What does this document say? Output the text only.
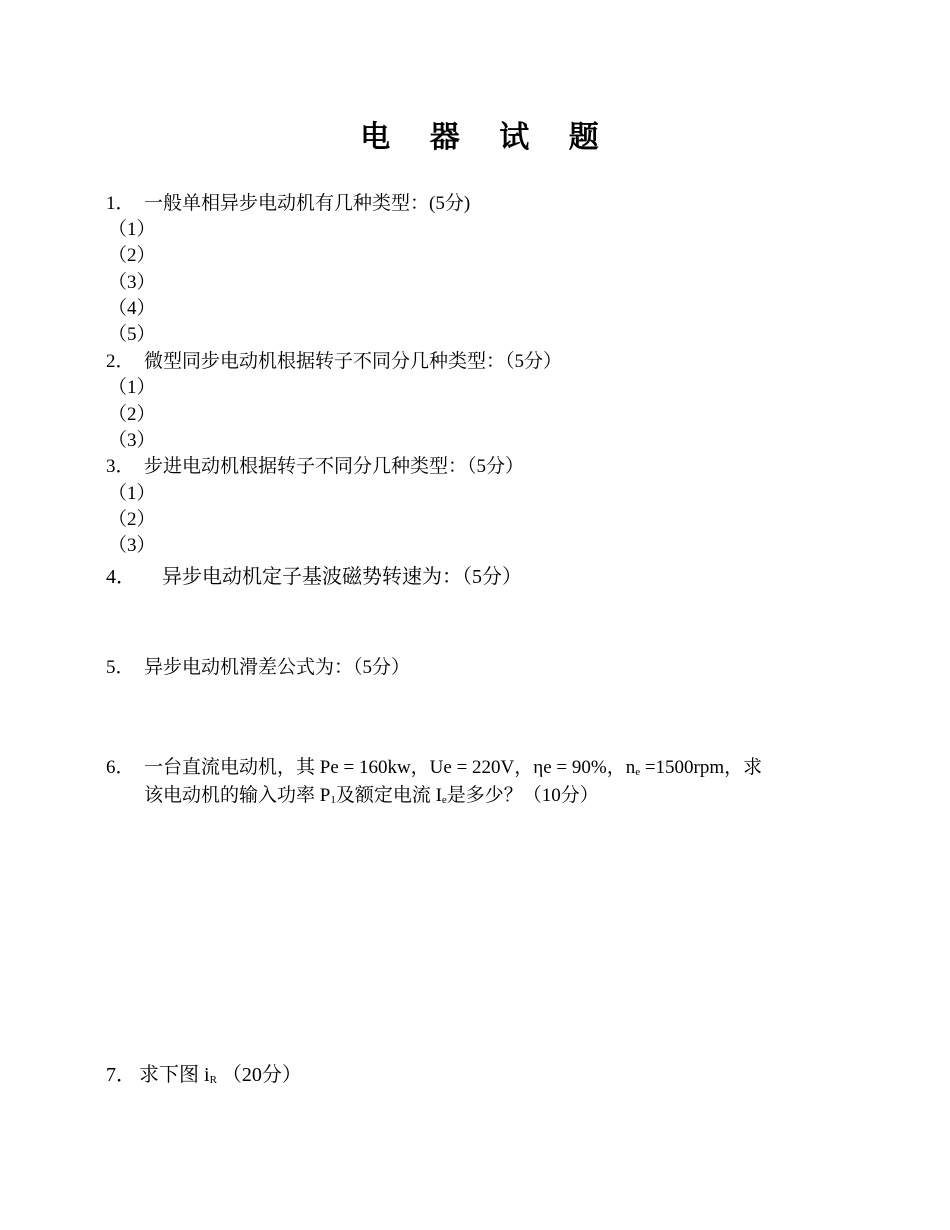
电 器 试 题
1． 一般单相异步电动机有几种类型：(5分)
（1）
（2）
（3）
（4）
（5）
2． 微型同步电动机根据转子不同分几种类型：（5分）
（1）
（2）
（3）
3． 步进电动机根据转子不同分几种类型：（5分）
（1）
（2）
（3）
4． 异步电动机定子基波磁势转速为：（5分）
5． 异步电动机滑差公式为：（5分）
6． 一台直流电动机，其 Pe = 160kw，Ue = 220V，ηe = 90%，$n_e =1500rpm$，求
该电动机的输入功率 $P_1$及额定电流 $I_e$是多少？（10分）
7． 求下图 $i_R$ （20分）
